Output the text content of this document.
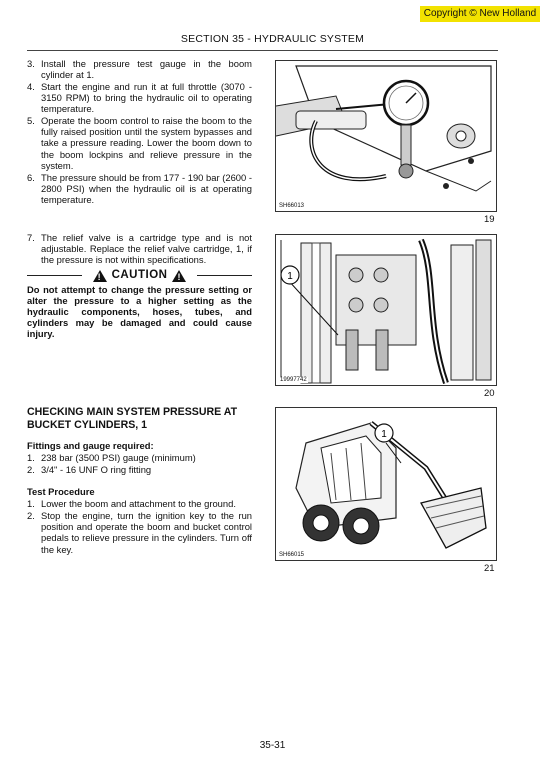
Copyright © New Holland
SECTION 35 - HYDRAULIC SYSTEM
3. Install the pressure test gauge in the boom cylinder at 1.
4. Start the engine and run it at full throttle (3070 - 3150 RPM) to bring the hydraulic oil to operating temperature.
5. Operate the boom control to raise the boom to the fully raised position until the system bypasses and take a pressure reading. Lower the boom down to the boom lockpins and relieve pressure in the system.
6. The pressure should be from 177 - 190 bar (2600 - 2800 PSI) when the hydraulic oil is at operating temperature.
7. The relief valve is a cartridge type and is not adjustable. Replace the relief valve cartridge, 1, if the pressure is not within specifications.
! CAUTION !
Do not attempt to change the pressure setting or alter the pressure to a higher setting as the hydraulic components, hoses, tubes, and cylinders may be damaged and could cause injury.
CHECKING MAIN SYSTEM PRESSURE AT BUCKET CYLINDERS, 1
Fittings and gauge required:
1. 238 bar (3500 PSI) gauge (minimum)
2. 3/4" - 16 UNF O ring fitting
Test Procedure
1. Lower the boom and attachment to the ground.
2. Stop the engine, turn the ignition key to the run position and operate the boom and bucket control pedals to relieve pressure in the cylinders. Turn off the key.
SH66013
19
1
19997742
20
1
SH66015
21
35-31
